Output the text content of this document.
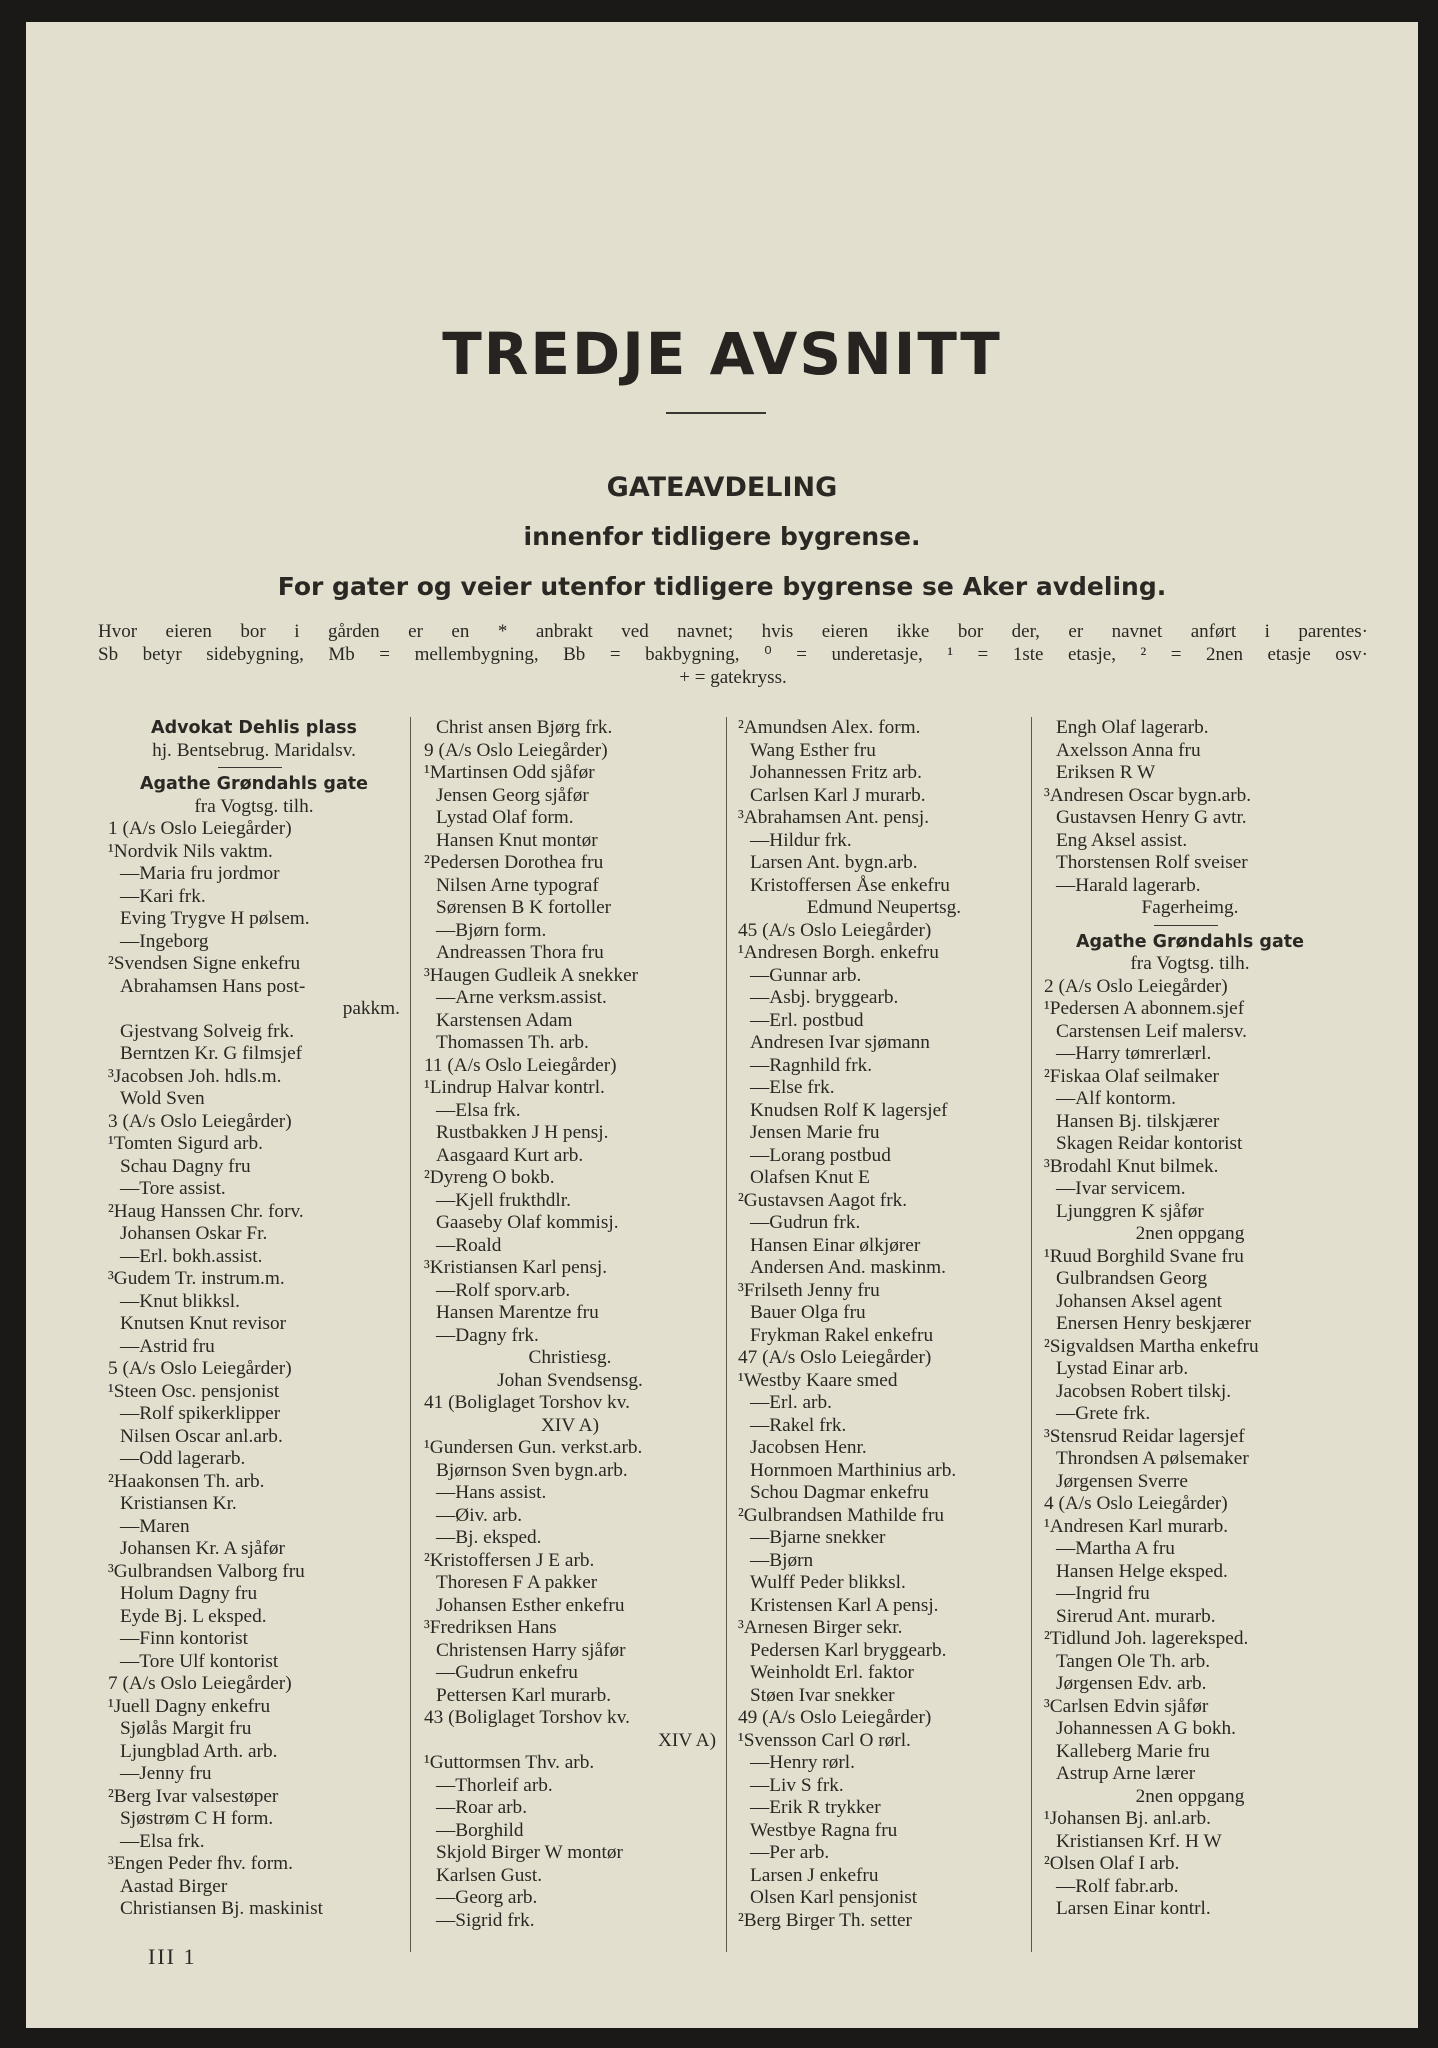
TREDJE AVSNITT
GATEAVDELING
innenfor tidligere bygrense.
For gater og veier utenfor tidligere bygrense se Aker avdeling.

Hvor eieren bor i gården er en * anbrakt ved navnet; hvis eieren ikke bor der, er navnet anført i parentes·

Sb betyr sidebygning, Mb = mellembygning, Bb = bakbygning, ⁰ = underetasje, ¹ = 1ste etasje, ² = 2nen etasje osv·

+ = gatekryss.

Advokat Dehlis plass
hj. Bentsebrug. Maridalsv.
Agathe Grøndahls gate
fra Vogtsg. tilh.
1 (A/s Oslo Leiegårder)
¹Nordvik Nils vaktm.
—Maria fru jordmor
—Kari frk.
Eving Trygve H pølsem.
—Ingeborg
²Svendsen Signe enkefru
Abrahamsen Hans post-
pakkm.
Gjestvang Solveig frk.
Berntzen Kr. G filmsjef
³Jacobsen Joh. hdls.m.
Wold Sven
3 (A/s Oslo Leiegårder)
¹Tomten Sigurd arb.
Schau Dagny fru
—Tore assist.
²Haug Hanssen Chr. forv.
Johansen Oskar Fr.
—Erl. bokh.assist.
³Gudem Tr. instrum.m.
—Knut blikksl.
Knutsen Knut revisor
—Astrid fru
5 (A/s Oslo Leiegårder)
¹Steen Osc. pensjonist
—Rolf spikerklipper
Nilsen Oscar anl.arb.
—Odd lagerarb.
²Haakonsen Th. arb.
Kristiansen Kr.
—Maren
Johansen Kr. A sjåfør
³Gulbrandsen Valborg fru
Holum Dagny fru
Eyde Bj. L eksped.
—Finn kontorist
—Tore Ulf kontorist
7 (A/s Oslo Leiegårder)
¹Juell Dagny enkefru
Sjølås Margit fru
Ljungblad Arth. arb.
—Jenny fru
²Berg Ivar valsestøper
Sjøstrøm C H form.
—Elsa frk.
³Engen Peder fhv. form.
Aastad Birger
Christiansen Bj. maskinist
Christ ansen Bjørg frk.
9 (A/s Oslo Leiegårder)
¹Martinsen Odd sjåfør
Jensen Georg sjåfør
Lystad Olaf form.
Hansen Knut montør
²Pedersen Dorothea fru
Nilsen Arne typograf
Sørensen B K fortoller
—Bjørn form.
Andreassen Thora fru
³Haugen Gudleik A snekker
—Arne verksm.assist.
Karstensen Adam
Thomassen Th. arb.
11 (A/s Oslo Leiegårder)
¹Lindrup Halvar kontrl.
—Elsa frk.
Rustbakken J H pensj.
Aasgaard Kurt arb.
²Dyreng O bokb.
—Kjell frukthdlr.
Gaaseby Olaf kommisj.
—Roald
³Kristiansen Karl pensj.
—Rolf sporv.arb.
Hansen Marentze fru
—Dagny frk.
Christiesg.
Johan Svendsensg.
41 (Boliglaget Torshov kv.
XIV A)
¹Gundersen Gun. verkst.arb.
Bjørnson Sven bygn.arb.
—Hans assist.
—Øiv. arb.
—Bj. eksped.
²Kristoffersen J E arb.
Thoresen F A pakker
Johansen Esther enkefru
³Fredriksen Hans
Christensen Harry sjåfør
—Gudrun enkefru
Pettersen Karl murarb.
43 (Boliglaget Torshov kv.
XIV A)
¹Guttormsen Thv. arb.
—Thorleif arb.
—Roar arb.
—Borghild
Skjold Birger W montør
Karlsen Gust.
—Georg arb.
—Sigrid frk.
²Amundsen Alex. form.
Wang Esther fru
Johannessen Fritz arb.
Carlsen Karl J murarb.
³Abrahamsen Ant. pensj.
—Hildur frk.
Larsen Ant. bygn.arb.
Kristoffersen Åse enkefru
Edmund Neupertsg.
45 (A/s Oslo Leiegårder)
¹Andresen Borgh. enkefru
—Gunnar arb.
—Asbj. bryggearb.
—Erl. postbud
Andresen Ivar sjømann
—Ragnhild frk.
—Else frk.
Knudsen Rolf K lagersjef
Jensen Marie fru
—Lorang postbud
Olafsen Knut E
²Gustavsen Aagot frk.
—Gudrun frk.
Hansen Einar ølkjører
Andersen And. maskinm.
³Frilseth Jenny fru
Bauer Olga fru
Frykman Rakel enkefru
47 (A/s Oslo Leiegårder)
¹Westby Kaare smed
—Erl. arb.
—Rakel frk.
Jacobsen Henr.
Hornmoen Marthinius arb.
Schou Dagmar enkefru
²Gulbrandsen Mathilde fru
—Bjarne snekker
—Bjørn
Wulff Peder blikksl.
Kristensen Karl A pensj.
³Arnesen Birger sekr.
Pedersen Karl bryggearb.
Weinholdt Erl. faktor
Støen Ivar snekker
49 (A/s Oslo Leiegårder)
¹Svensson Carl O rørl.
—Henry rørl.
—Liv S frk.
—Erik R trykker
Westbye Ragna fru
—Per arb.
Larsen J enkefru
Olsen Karl pensjonist
²Berg Birger Th. setter
Engh Olaf lagerarb.
Axelsson Anna fru
Eriksen R W
³Andresen Oscar bygn.arb.
Gustavsen Henry G avtr.
Eng Aksel assist.
Thorstensen Rolf sveiser
—Harald lagerarb.
Fagerheimg.
Agathe Grøndahls gate
fra Vogtsg. tilh.
2 (A/s Oslo Leiegårder)
¹Pedersen A abonnem.sjef
Carstensen Leif malersv.
—Harry tømrerlærl.
²Fiskaa Olaf seilmaker
—Alf kontorm.
Hansen Bj. tilskjærer
Skagen Reidar kontorist
³Brodahl Knut bilmek.
—Ivar servicem.
Ljunggren K sjåfør
2nen oppgang
¹Ruud Borghild Svane fru
Gulbrandsen Georg
Johansen Aksel agent
Enersen Henry beskjærer
²Sigvaldsen Martha enkefru
Lystad Einar arb.
Jacobsen Robert tilskj.
—Grete frk.
³Stensrud Reidar lagersjef
Throndsen A pølsemaker
Jørgensen Sverre
4 (A/s Oslo Leiegårder)
¹Andresen Karl murarb.
—Martha A fru
Hansen Helge eksped.
—Ingrid fru
Sirerud Ant. murarb.
²Tidlund Joh. lagereksped.
Tangen Ole Th. arb.
Jørgensen Edv. arb.
³Carlsen Edvin sjåfør
Johannessen A G bokh.
Kalleberg Marie fru
Astrup Arne lærer
2nen oppgang
¹Johansen Bj. anl.arb.
Kristiansen Krf. H W
²Olsen Olaf I arb.
—Rolf fabr.arb.
Larsen Einar kontrl.
III 1
